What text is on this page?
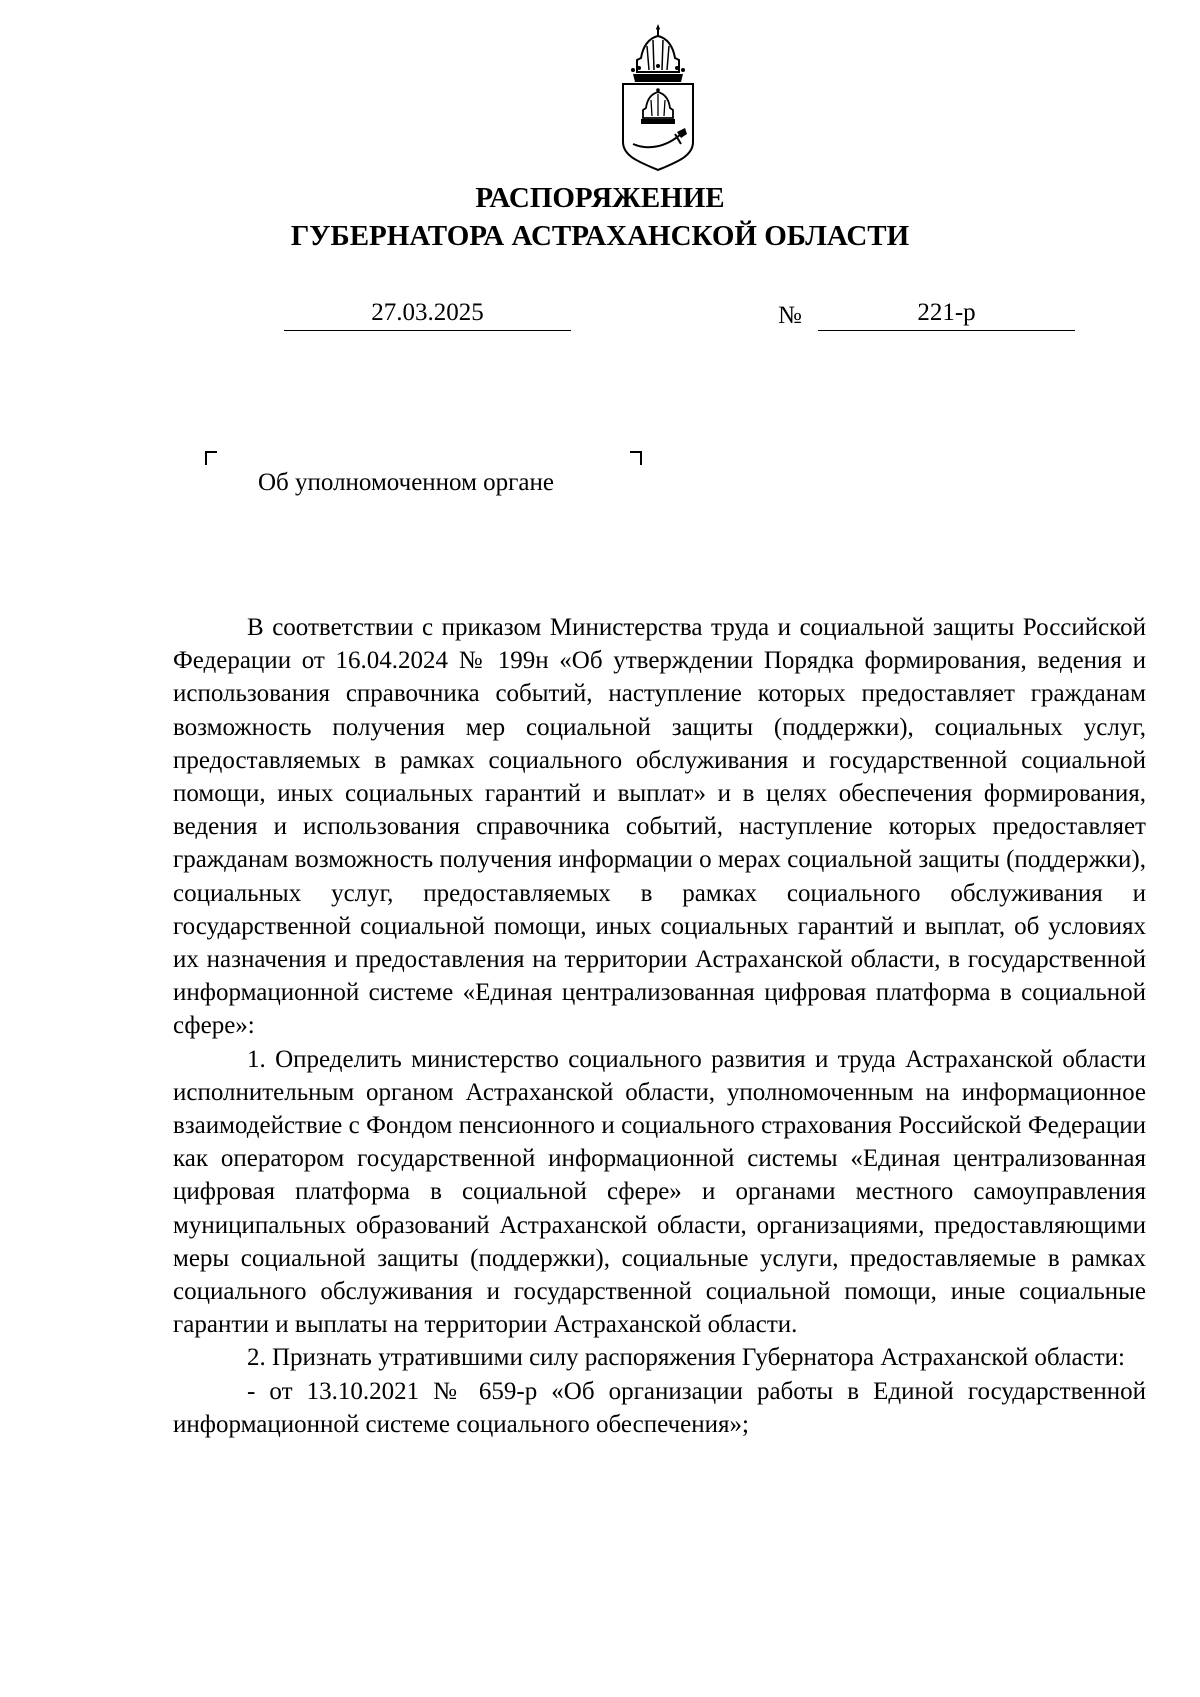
РАСПОРЯЖЕНИЕ
ГУБЕРНАТОРА АСТРАХАНСКОЙ ОБЛАСТИ
27.03.2025	№	221-р
Об уполномоченном органе

В соответствии с приказом Министерства труда и социальной защиты Российской Федерации от 16.04.2024 № 199н «Об утверждении Порядка формирования, ведения и использования справочника событий, наступление которых предоставляет гражданам возможность получения мер социальной защиты (поддержки), социальных услуг, предоставляемых в рамках социального обслуживания и государственной социальной помощи, иных социальных гарантий и выплат» и в целях обеспечения формирования, ведения и использования справочника событий, наступление которых предоставляет гражданам возможность получения информации о мерах социальной защиты (поддержки), социальных услуг, предоставляемых в рамках социального обслуживания и государственной социальной помощи, иных социальных гарантий и выплат, об условиях их назначения и предоставления на территории Астраханской области, в государственной информационной системе «Единая централизованная цифровая платформа в социальной сфере»:

1. Определить министерство социального развития и труда Астраханской области исполнительным органом Астраханской области, уполномоченным на информационное взаимодействие с Фондом пенсионного и социального страхования Российской Федерации как оператором государственной информационной системы «Единая централизованная цифровая платформа в социальной сфере» и органами местного самоуправления муниципальных образований Астраханской области, организациями, предоставляющими меры социальной защиты (поддержки), социальные услуги, предоставляемые в рамках социального обслуживания и государственной социальной помощи, иные социальные гарантии и выплаты на территории Астраханской области.

2. Признать утратившими силу распоряжения Губернатора Астраханской области:

- от 13.10.2021 № 659-р «Об организации работы в Единой государственной информационной системе социального обеспечения»;
